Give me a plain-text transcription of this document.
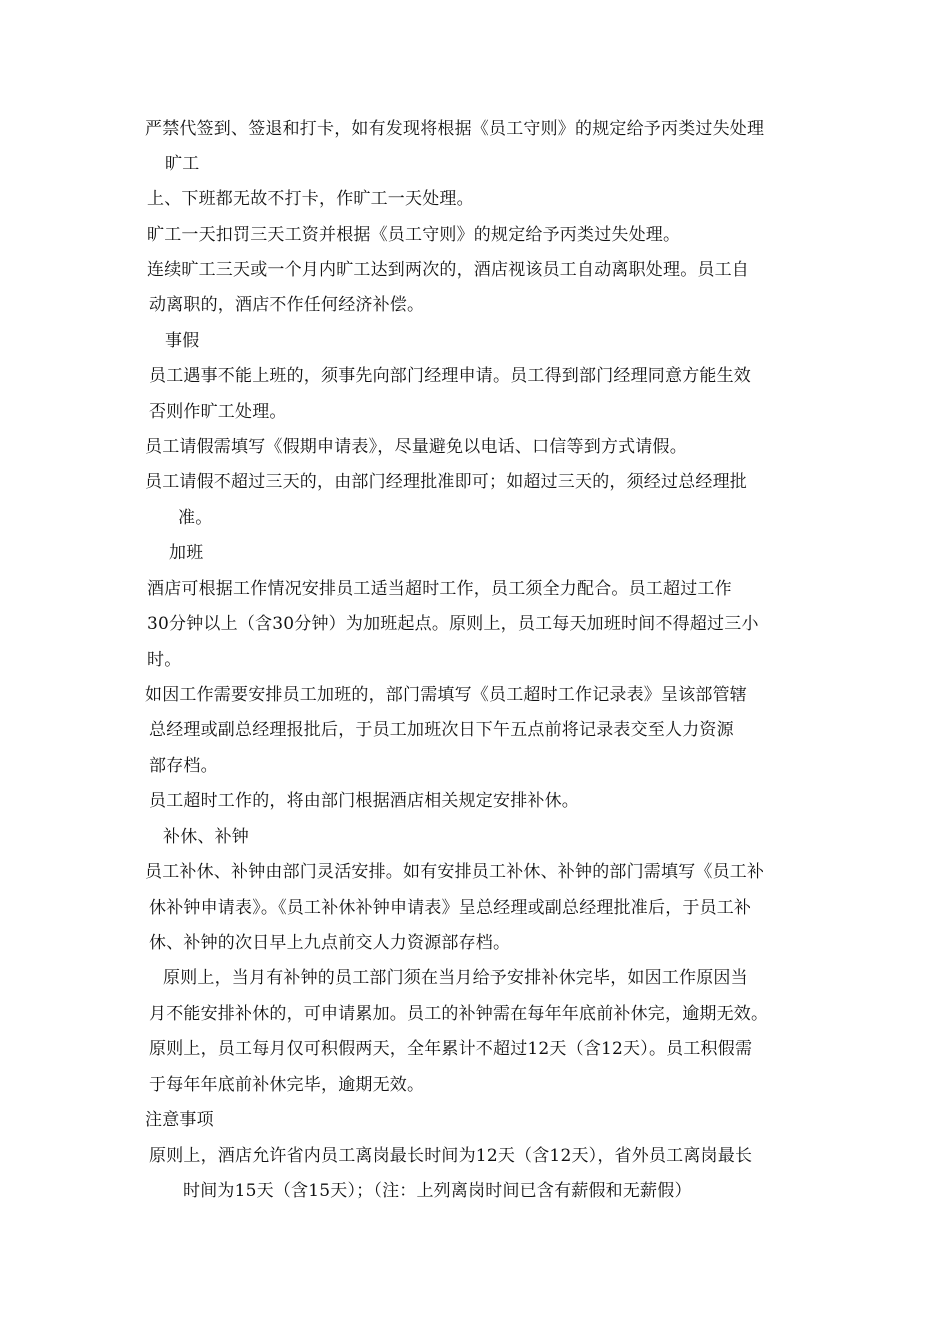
严禁代签到、签退和打卡，如有发现将根据《员工守则》的规定给予丙类过失处理
旷工
上、下班都无故不打卡，作旷工一天处理。
旷工一天扣罚三天工资并根据《员工守则》的规定给予丙类过失处理。
连续旷工三天或一个月内旷工达到两次的，酒店视该员工自动离职处理。员工自
动离职的，酒店不作任何经济补偿。
事假
员工遇事不能上班的，须事先向部门经理申请。员工得到部门经理同意方能生效
否则作旷工处理。
员工请假需填写《假期申请表》，尽量避免以电话、口信等到方式请假。
员工请假不超过三天的，由部门经理批准即可；如超过三天的，须经过总经理批
准。
加班
酒店可根据工作情况安排员工适当超时工作，员工须全力配合。员工超过工作
30分钟以上（含30分钟）为加班起点。原则上，员工每天加班时间不得超过三小
时。
如因工作需要安排员工加班的，部门需填写《员工超时工作记录表》呈该部管辖
总经理或副总经理报批后，于员工加班次日下午五点前将记录表交至人力资源
部存档。
员工超时工作的，将由部门根据酒店相关规定安排补休。
补休、补钟
员工补休、补钟由部门灵活安排。如有安排员工补休、补钟的部门需填写《员工补
休补钟申请表》。《员工补休补钟申请表》呈总经理或副总经理批准后，于员工补
休、补钟的次日早上九点前交人力资源部存档。
原则上，当月有补钟的员工部门须在当月给予安排补休完毕，如因工作原因当
月不能安排补休的，可申请累加。员工的补钟需在每年年底前补休完，逾期无效。
原则上，员工每月仅可积假两天，全年累计不超过12天（含12天）。员工积假需
于每年年底前补休完毕，逾期无效。
注意事项
原则上，酒店允许省内员工离岗最长时间为12天（含12天），省外员工离岗最长
时间为15天（含15天）；（注：上列离岗时间已含有薪假和无薪假）
